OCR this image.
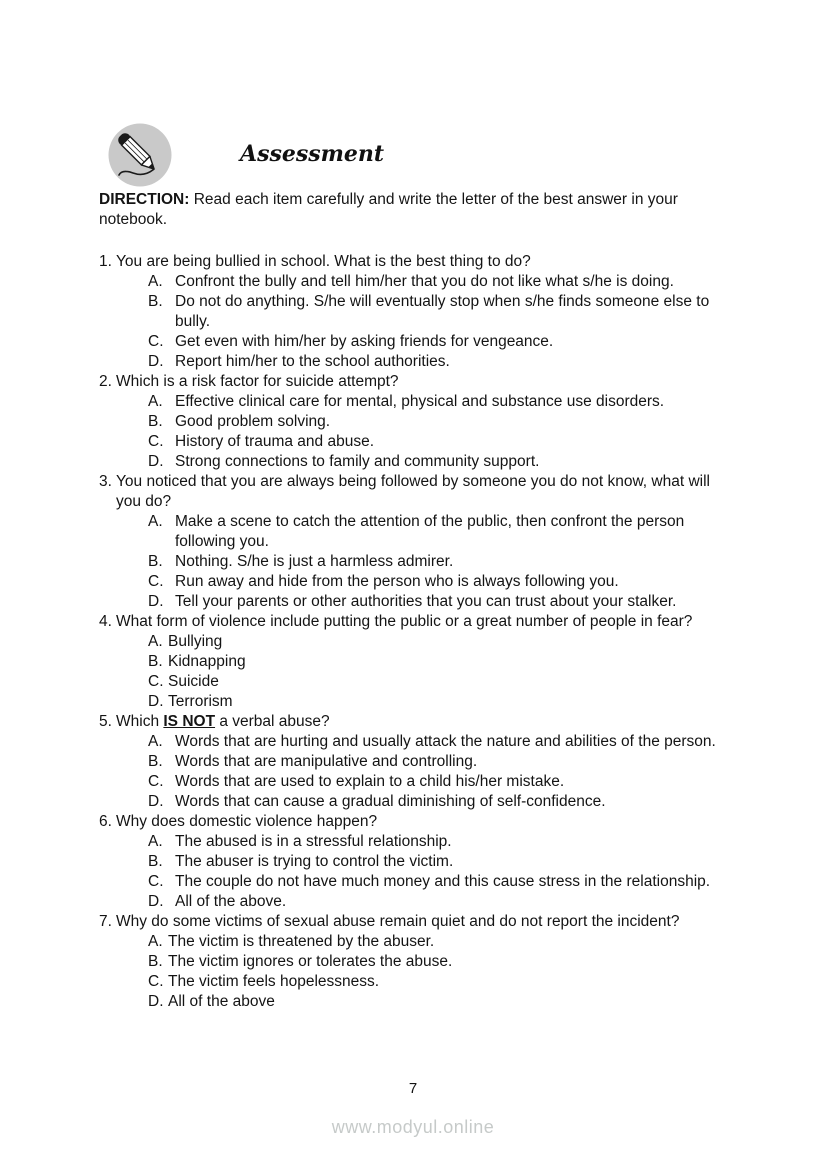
Assessment
DIRECTION: Read each item carefully and write the letter of the best answer in your notebook.
1. You are being bullied in school. What is the best thing to do?
A. Confront the bully and tell him/her that you do not like what s/he is doing.
B. Do not do anything. S/he will eventually stop when s/he finds someone else to bully.
C. Get even with him/her by asking friends for vengeance.
D. Report him/her to the school authorities.
2. Which is a risk factor for suicide attempt?
A. Effective clinical care for mental, physical and substance use disorders.
B. Good problem solving.
C. History of trauma and abuse.
D. Strong connections to family and community support.
3. You noticed that you are always being followed by someone you do not know, what will you do?
A. Make a scene to catch the attention of the public, then confront the person following you.
B. Nothing. S/he is just a harmless admirer.
C. Run away and hide from the person who is always following you.
D. Tell your parents or other authorities that you can trust about your stalker.
4. What form of violence include putting the public or a great number of people in fear?
A. Bullying
B. Kidnapping
C. Suicide
D. Terrorism
5. Which IS NOT a verbal abuse?
A. Words that are hurting and usually attack the nature and abilities of the person.
B. Words that are manipulative and controlling.
C. Words that are used to explain to a child his/her mistake.
D. Words that can cause a gradual diminishing of self-confidence.
6. Why does domestic violence happen?
A. The abused is in a stressful relationship.
B. The abuser is trying to control the victim.
C. The couple do not have much money and this cause stress in the relationship.
D. All of the above.
7. Why do some victims of sexual abuse remain quiet and do not report the incident?
A. The victim is threatened by the abuser.
B. The victim ignores or tolerates the abuse.
C. The victim feels hopelessness.
D. All of the above
7
www.modyul.online
